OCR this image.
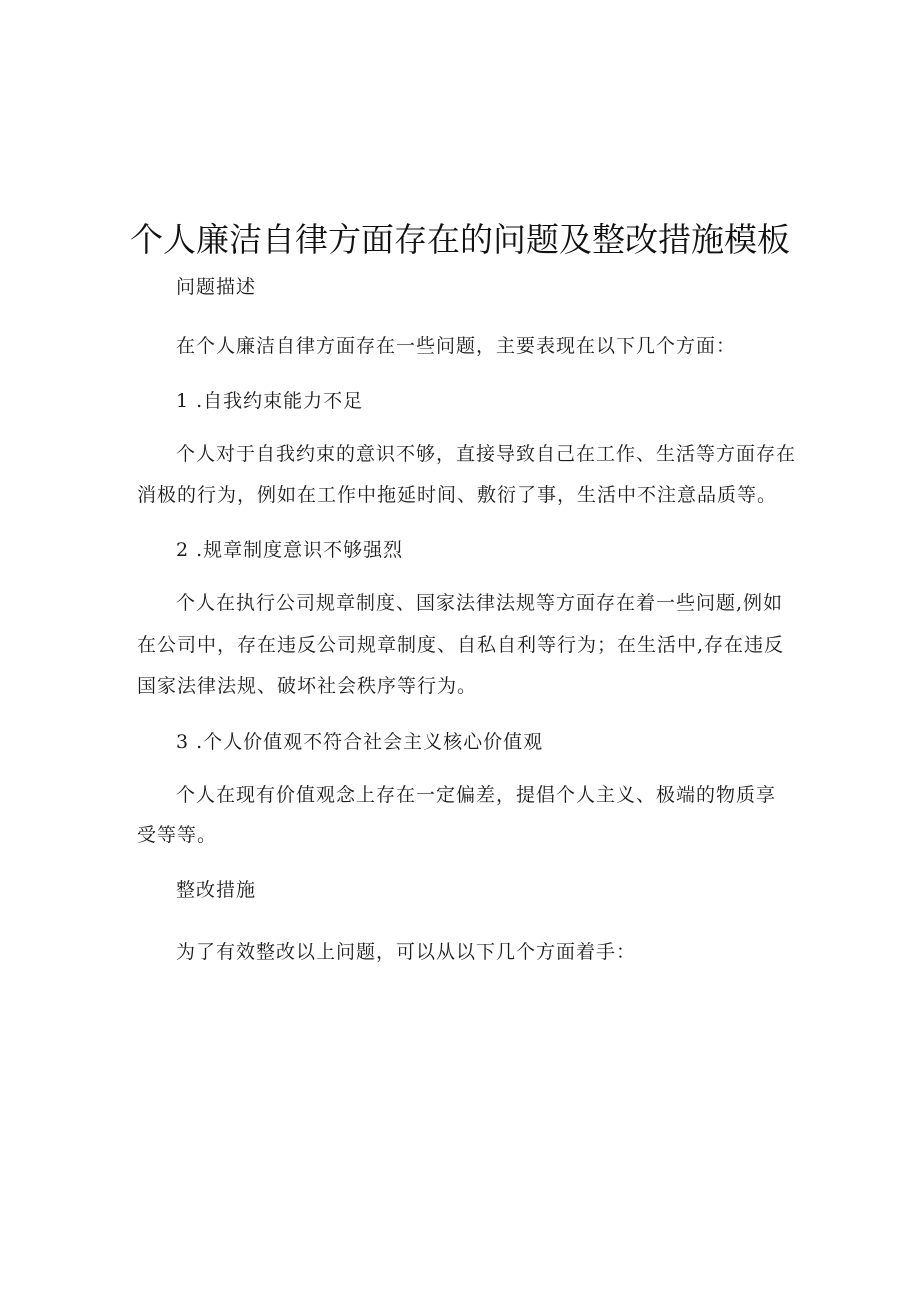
个人廉洁自律方面存在的问题及整改措施模板
问题描述
在个人廉洁自律方面存在一些问题，主要表现在以下几个方面：
1 .自我约束能力不足
个人对于自我约束的意识不够，直接导致自己在工作、生活等方面存在
消极的行为，例如在工作中拖延时间、敷衍了事，生活中不注意品质等。
2 .规章制度意识不够强烈
个人在执行公司规章制度、国家法律法规等方面存在着一些问题,例如
在公司中，存在违反公司规章制度、自私自利等行为；在生活中,存在违反
国家法律法规、破坏社会秩序等行为。
3 .个人价值观不符合社会主义核心价值观
个人在现有价值观念上存在一定偏差，提倡个人主义、极端的物质享
受等等。
整改措施
为了有效整改以上问题，可以从以下几个方面着手：
